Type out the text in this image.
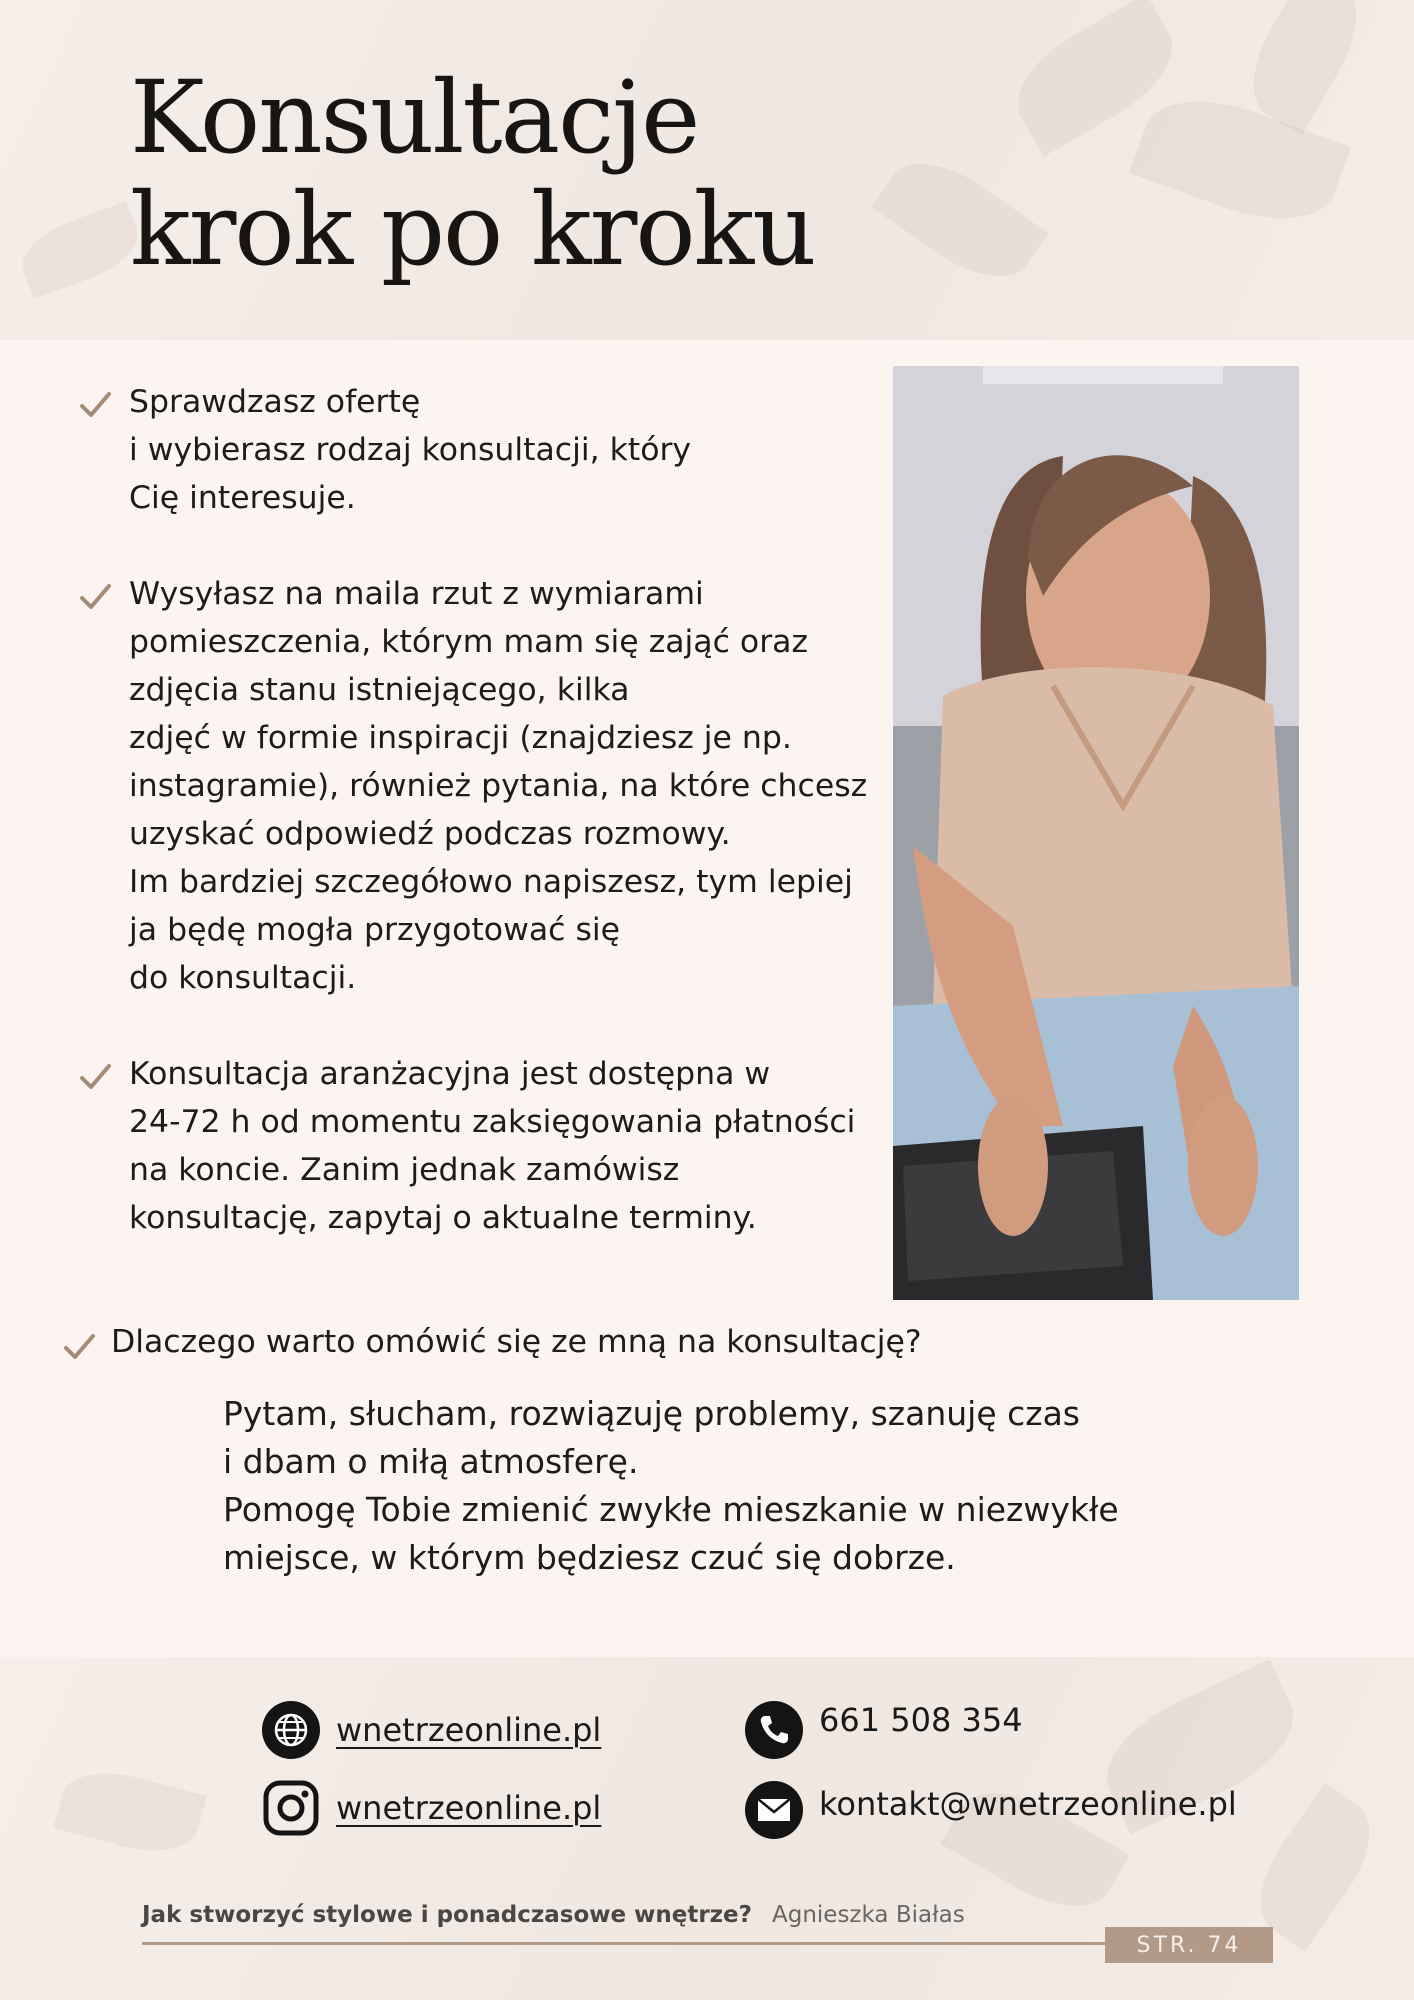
Konsultacje
krok po kroku
Sprawdzasz ofertę
i wybierasz rodzaj konsultacji, który
Cię interesuje.
Wysyłasz na maila rzut z wymiarami
pomieszczenia, którym mam się zająć oraz
zdjęcia stanu istniejącego, kilka
zdjęć w formie inspiracji (znajdziesz je np.
instagramie), również pytania, na które chcesz
uzyskać odpowiedź podczas rozmowy.
Im bardziej szczegółowo napiszesz, tym lepiej
ja będę mogła przygotować się
do konsultacji.
Konsultacja aranżacyjna jest dostępna w
24-72 h od momentu zaksięgowania płatności
na koncie. Zanim jednak zamówisz
konsultację, zapytaj o aktualne terminy.
Dlaczego warto omówić się ze mną na konsultację?
Pytam, słucham, rozwiązuję problemy, szanuję czas
i dbam o miłą atmosferę.
Pomogę Tobie zmienić zwykłe mieszkanie w niezwykłe
miejsce, w którym będziesz czuć się dobrze.
wnetrzeonline.pl
wnetrzeonline.pl
661 508 354
kontakt@wnetrzeonline.pl
Jak stworzyć stylowe i ponadczasowe wnętrze? Agnieszka Białas
STR. 74
